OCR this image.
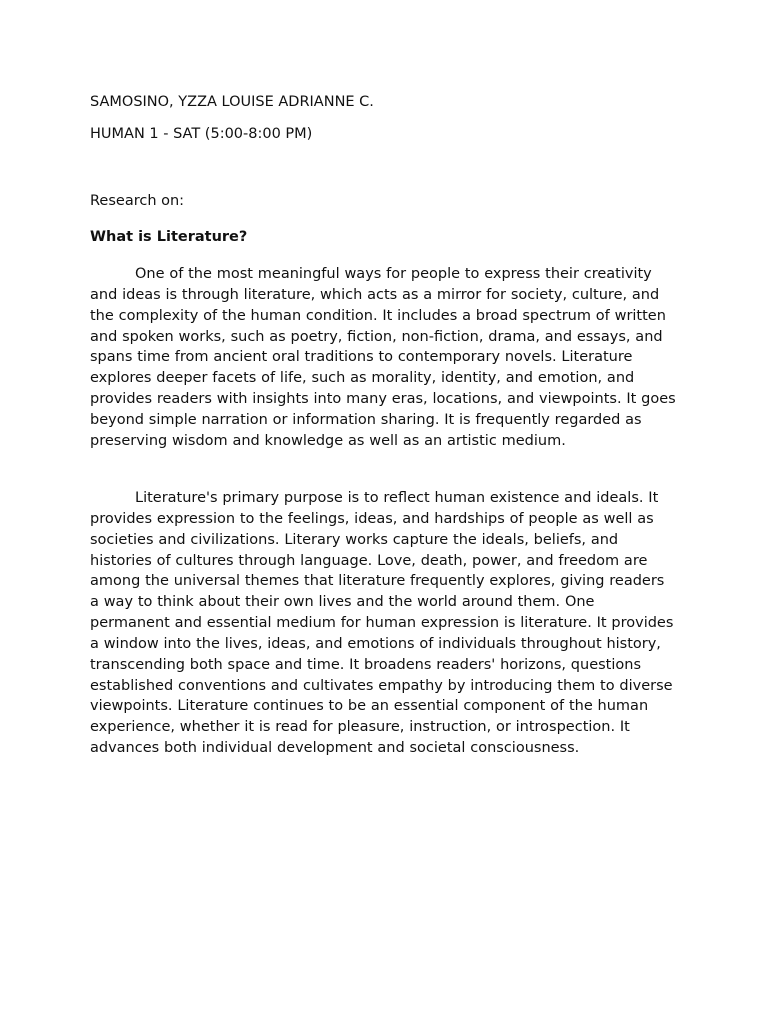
SAMOSINO, YZZA LOUISE ADRIANNE C.

HUMAN 1 - SAT (5:00-8:00 PM)

Research on:

What is Literature?

One of the most meaningful ways for people to express their creativity and ideas is through literature, which acts as a mirror for society, culture, and the complexity of the human condition. It includes a broad spectrum of written and spoken works, such as poetry, fiction, non-fiction, drama, and essays, and spans time from ancient oral traditions to contemporary novels. Literature explores deeper facets of life, such as morality, identity, and emotion, and provides readers with insights into many eras, locations, and viewpoints. It goes beyond simple narration or information sharing. It is frequently regarded as preserving wisdom and knowledge as well as an artistic medium.

Literature's primary purpose is to reflect human existence and ideals. It provides expression to the feelings, ideas, and hardships of people as well as societies and civilizations. Literary works capture the ideals, beliefs, and histories of cultures through language. Love, death, power, and freedom are among the universal themes that literature frequently explores, giving readers a way to think about their own lives and the world around them. One permanent and essential medium for human expression is literature. It provides a window into the lives, ideas, and emotions of individuals throughout history, transcending both space and time. It broadens readers' horizons, questions established conventions and cultivates empathy by introducing them to diverse viewpoints. Literature continues to be an essential component of the human experience, whether it is read for pleasure, instruction, or introspection. It advances both individual development and societal consciousness.
